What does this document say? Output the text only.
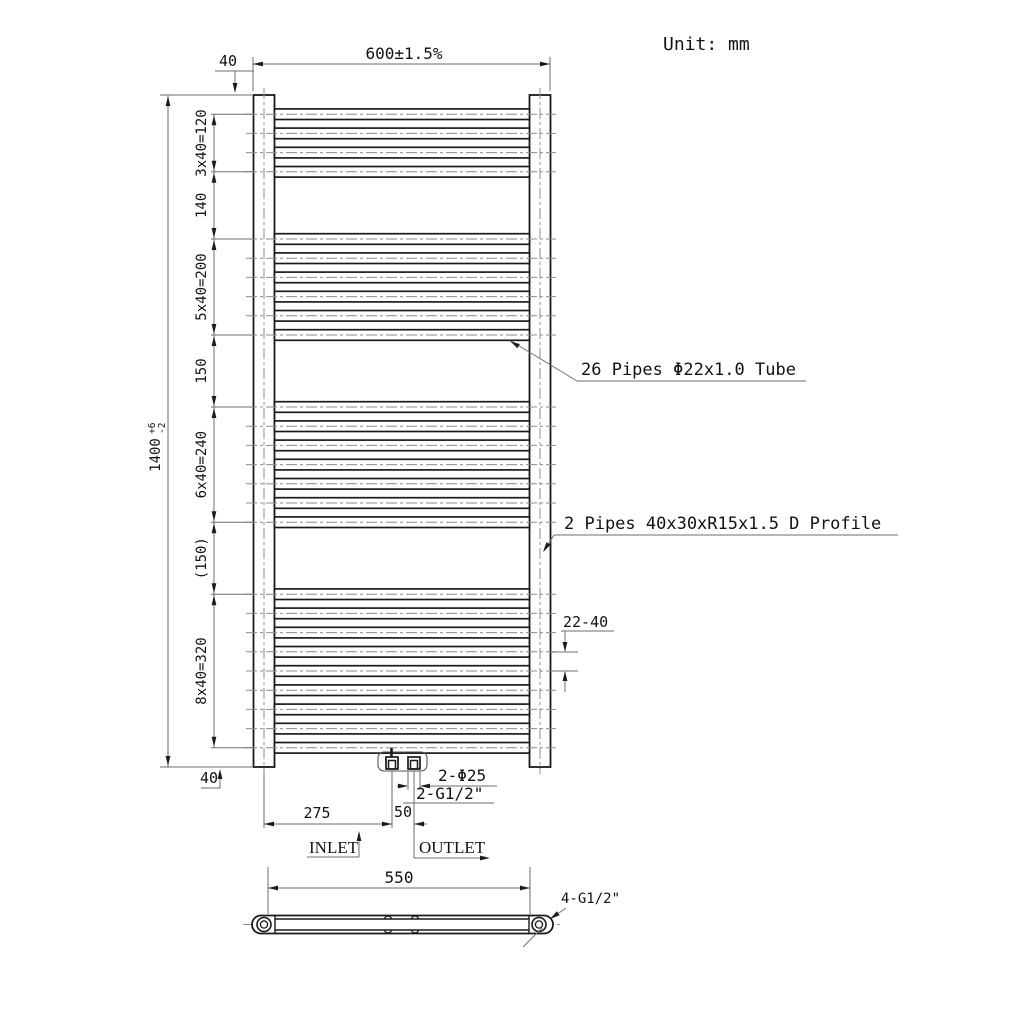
3x40=120
140
5x40=200
150
6x40=240
(150)
8x40=320
Unit: mm
600±1.5%
40
1400
+6 -2
40
26 Pipes Φ22x1.0 Tube
2 Pipes 40x30xR15x1.5 D Profile
22-40
2-Φ25
2-G1/2"
275	50
INLET	OUTLET
550
4-G1/2"
